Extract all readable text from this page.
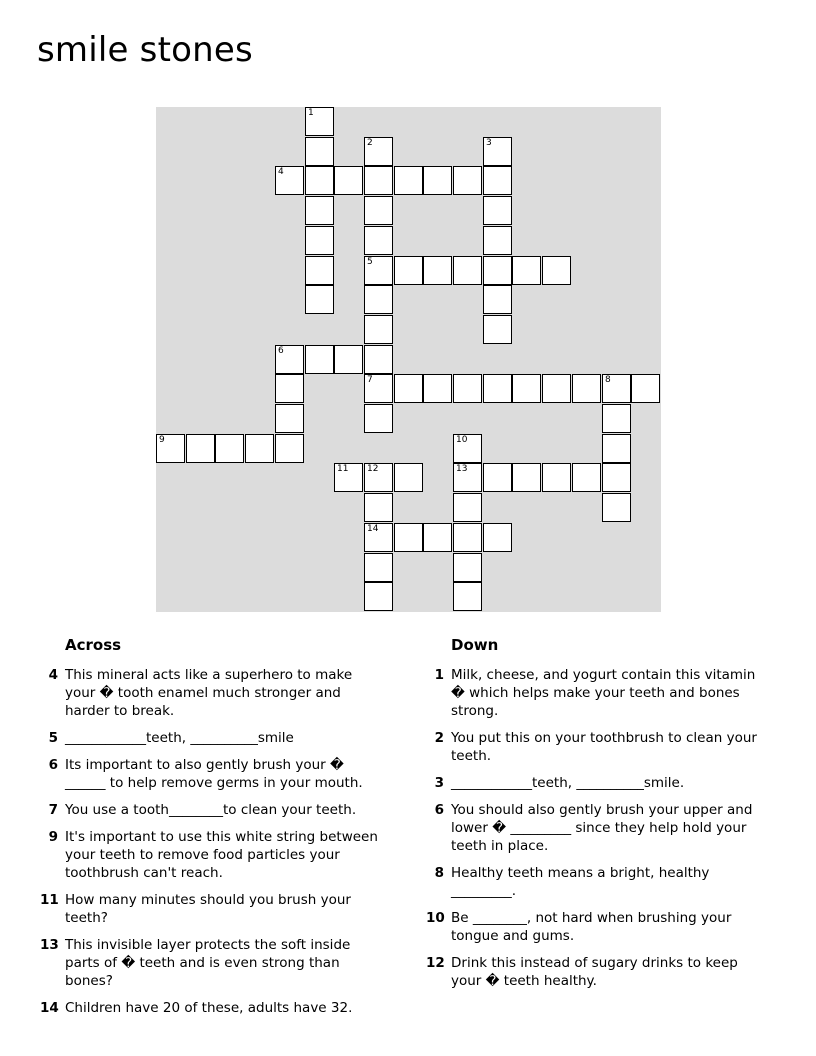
smile stones
1
2	3
4
5
6
7	8
9	10
11 12	13
14
Across
4 This mineral acts like a superhero to make your � tooth enamel much stronger and harder to break.
5 ____________teeth, __________smile
6 Its important to also gently brush your � ______ to help remove germs in your mouth.
7 You use a tooth________to clean your teeth.
9 It's important to use this white string between your teeth to remove food particles your toothbrush can't reach.
11 How many minutes should you brush your teeth?
13 This invisible layer protects the soft inside parts of � teeth and is even strong than bones?
14 Children have 20 of these, adults have 32.
Down
1 Milk, cheese, and yogurt contain this vitamin � which helps make your teeth and bones strong.
2 You put this on your toothbrush to clean your teeth.
3 ____________teeth, __________smile.
6 You should also gently brush your upper and lower � _________ since they help hold your teeth in place.
8 Healthy teeth means a bright, healthy _________.
10 Be ________, not hard when brushing your tongue and gums.
12 Drink this instead of sugary drinks to keep your � teeth healthy.
